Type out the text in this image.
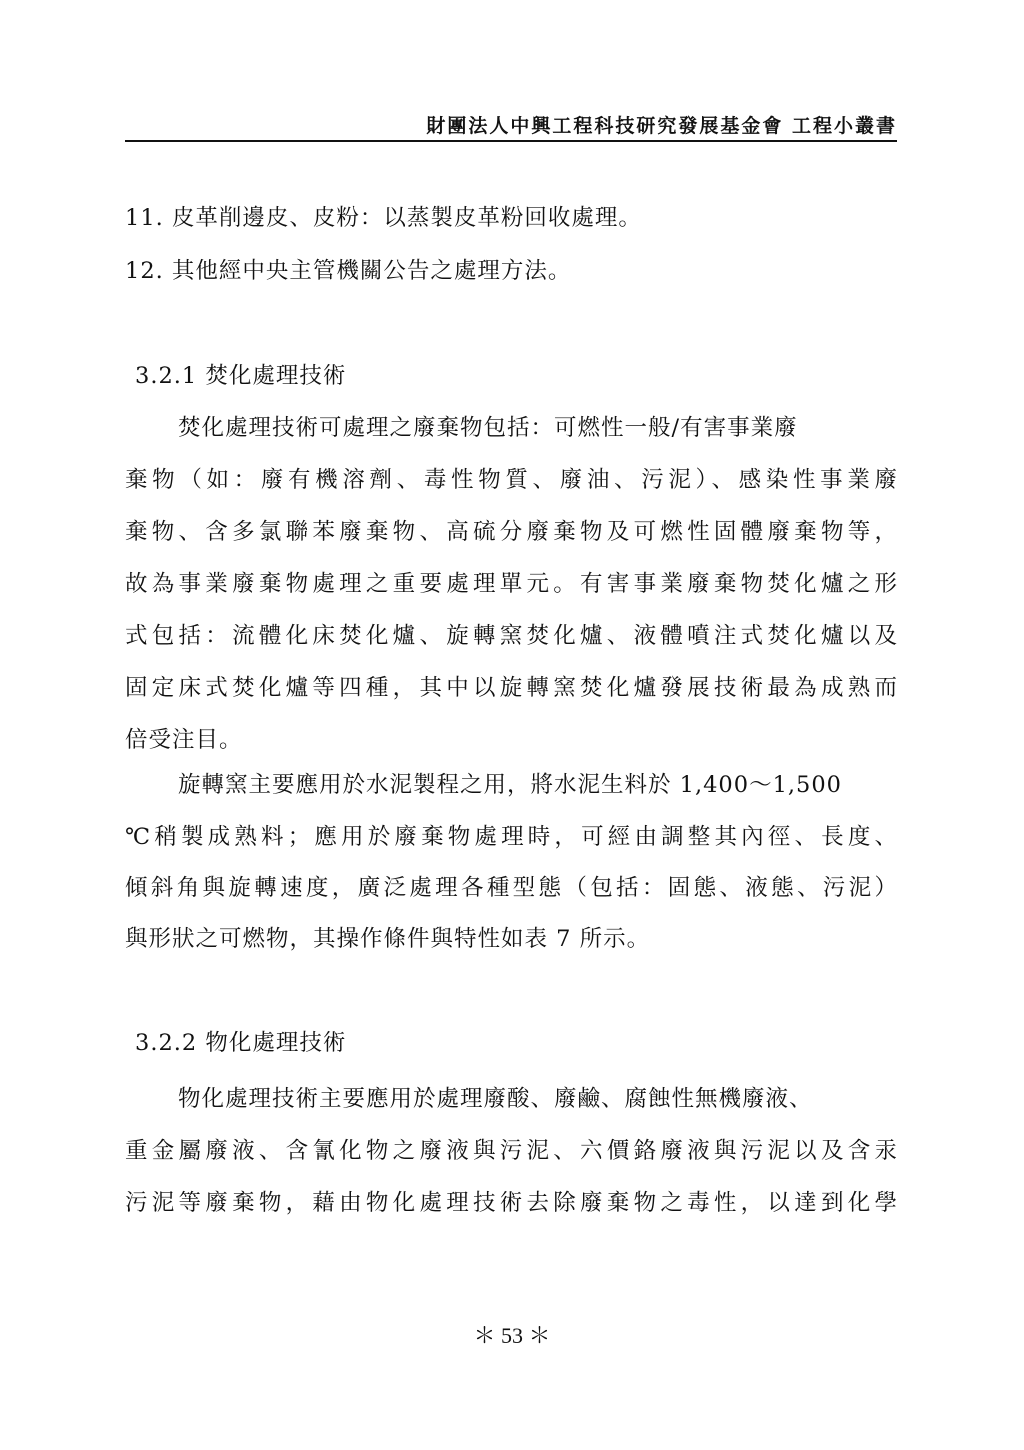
財團法人中興工程科技研究發展基金會 工程小叢書
11. 皮革削邊皮、皮粉：以蒸製皮革粉回收處理。
12. 其他經中央主管機關公告之處理方法。
3.2.1 焚化處理技術
焚化處理技術可處理之廢棄物包括：可燃性一般/有害事業廢
棄物（如：廢有機溶劑、毒性物質、廢油、污泥）、感染性事業廢
棄物、含多氯聯苯廢棄物、高硫分廢棄物及可燃性固體廢棄物等，
故為事業廢棄物處理之重要處理單元。有害事業廢棄物焚化爐之形
式包括：流體化床焚化爐、旋轉窯焚化爐、液體噴注式焚化爐以及
固定床式焚化爐等四種，其中以旋轉窯焚化爐發展技術最為成熟而
倍受注目。
旋轉窯主要應用於水泥製程之用，將水泥生料於 1,400～1,500
℃稍製成熟料；應用於廢棄物處理時，可經由調整其內徑、長度、
傾斜角與旋轉速度，廣泛處理各種型態（包括：固態、液態、污泥）
與形狀之可燃物，其操作條件與特性如表 7 所示。
3.2.2 物化處理技術
物化處理技術主要應用於處理廢酸、廢鹼、腐蝕性無機廢液、
重金屬廢液、含氰化物之廢液與污泥、六價鉻廢液與污泥以及含汞
污泥等廢棄物，藉由物化處理技術去除廢棄物之毒性，以達到化學
＊ 53 ＊
